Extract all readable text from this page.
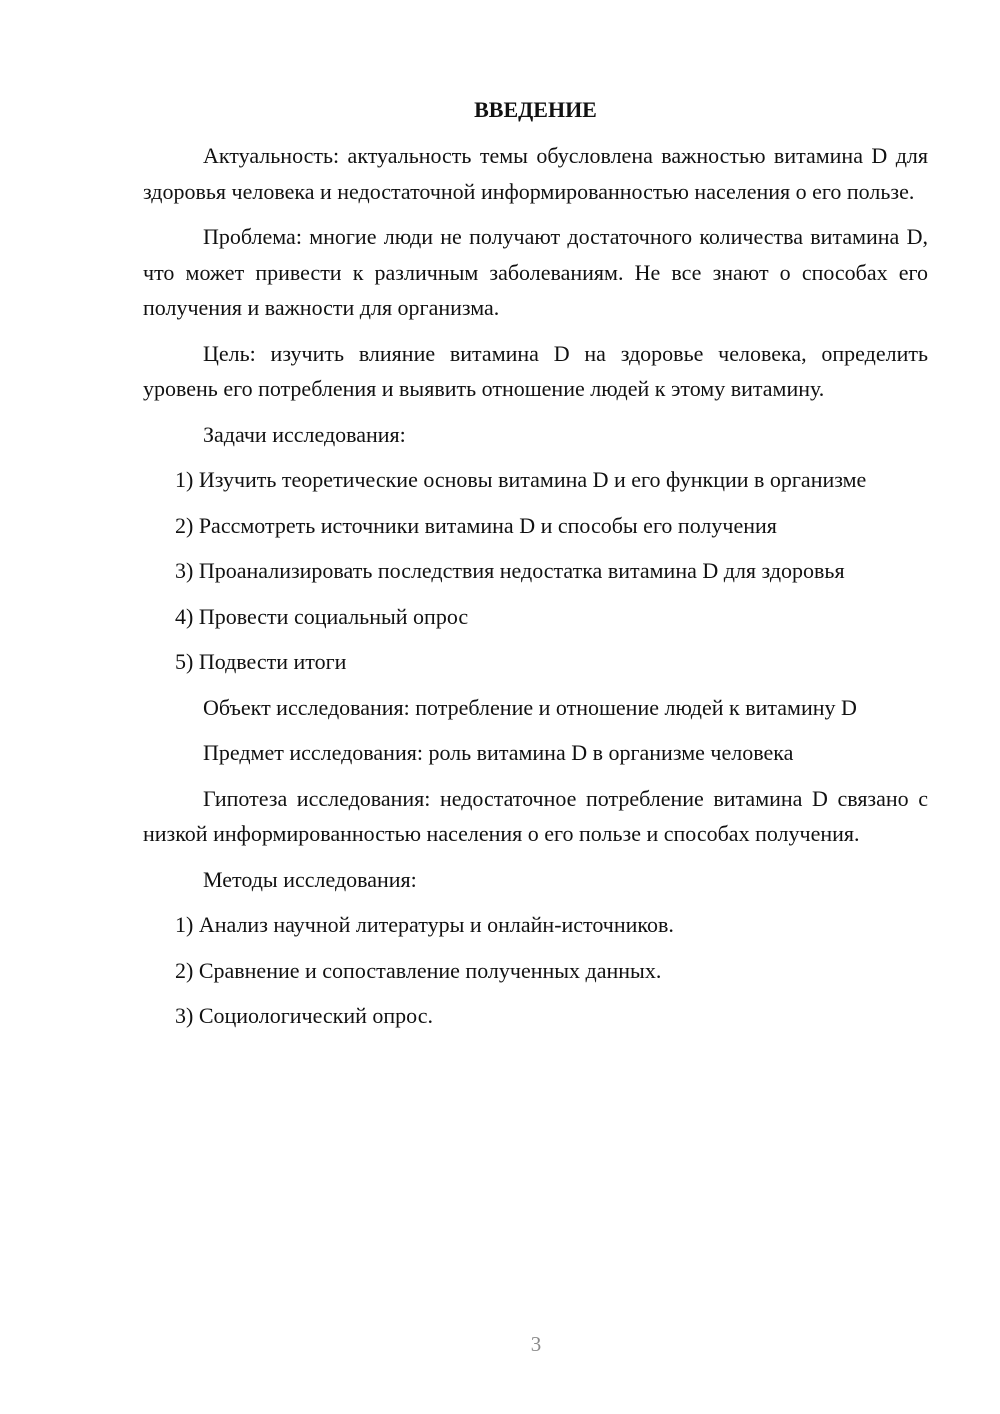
ВВЕДЕНИЕ

Актуальность: актуальность темы обусловлена важностью витамина D для здоровья человека и недостаточной информированностью населения о его пользе.

Проблема: многие люди не получают достаточного количества витамина D, что может привести к различным заболеваниям. Не все знают о способах его получения и важности для организма.

Цель: изучить влияние витамина D на здоровье человека, определить уровень его потребления и выявить отношение людей к этому витамину.

Задачи исследования:

1) Изучить теоретические основы витамина D и его функции в организме

2) Рассмотреть источники витамина D и способы его получения

3) Проанализировать последствия недостатка витамина D для здоровья

4) Провести социальный опрос

5) Подвести итоги

Объект исследования: потребление и отношение людей к витамину D

Предмет исследования: роль витамина D в организме человека

Гипотеза исследования: недостаточное потребление витамина D связано с низкой информированностью населения о его пользе и способах получения.

Методы исследования:

1) Анализ научной литературы и онлайн-источников.

2) Сравнение и сопоставление полученных данных.

3) Социологический опрос.

3
